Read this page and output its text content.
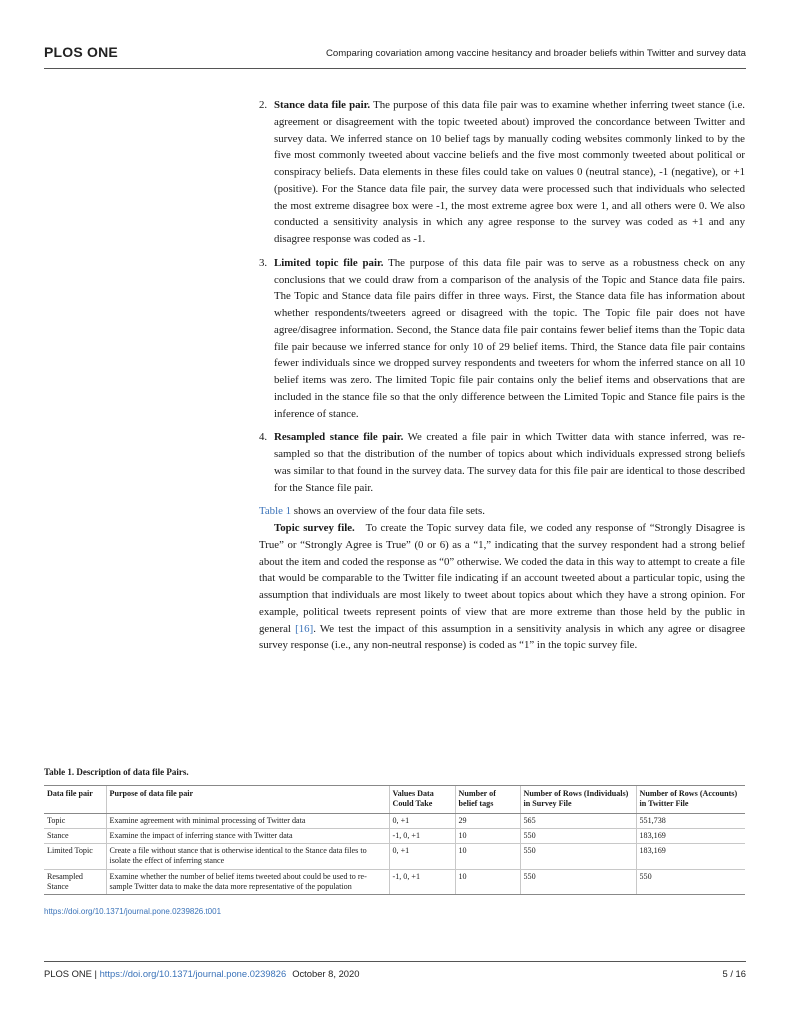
PLOS ONE	Comparing covariation among vaccine hesitancy and broader beliefs within Twitter and survey data
2. Stance data file pair. The purpose of this data file pair was to examine whether inferring tweet stance (i.e. agreement or disagreement with the topic tweeted about) improved the concordance between Twitter and survey data. We inferred stance on 10 belief tags by manually coding websites commonly linked to by the five most commonly tweeted about vaccine beliefs and the five most commonly tweeted about political or conspiracy beliefs. Data elements in these files could take on values 0 (neutral stance), -1 (negative), or +1 (positive). For the Stance data file pair, the survey data were processed such that individuals who selected the most extreme disagree box were -1, the most extreme agree box were 1, and all others were 0. We also conducted a sensitivity analysis in which any agree response to the survey was coded as +1 and any disagree response was coded as -1.
3. Limited topic file pair. The purpose of this data file pair was to serve as a robustness check on any conclusions that we could draw from a comparison of the analysis of the Topic and Stance data file pairs. The Topic and Stance data file pairs differ in three ways. First, the Stance data file has information about whether respondents/tweeters agreed or disagreed with the topic. The Topic file pair does not have agree/disagree information. Second, the Stance data file pair contains fewer belief items than the Topic data file pair because we inferred stance for only 10 of 29 belief items. Third, the Stance data file pair contains fewer individuals since we dropped survey respondents and tweeters for whom the inferred stance on all 10 belief items was zero. The limited Topic file pair contains only the belief items and observations that are included in the stance file so that the only difference between the Limited Topic and Stance file pairs is the inference of stance.
4. Resampled stance file pair. We created a file pair in which Twitter data with stance inferred, was re-sampled so that the distribution of the number of topics about which individuals expressed strong beliefs was similar to that found in the survey data. The survey data for this file pair are identical to those described for the Stance file pair.

Table 1 shows an overview of the four data file sets.

Topic survey file.   To create the Topic survey data file, we coded any response of “Strongly Disagree is True” or “Strongly Agree is True” (0 or 6) as a “1,” indicating that the survey respondent had a strong belief about the item and coded the response as “0” otherwise. We coded the data in this way to attempt to create a file that would be comparable to the Twitter file indicating if an account tweeted about a particular topic, using the assumption that individuals are most likely to tweet about topics about which they have a strong opinion. For example, political tweets represent points of view that are more extreme than those held by the public in general [16]. We test the impact of this assumption in a sensitivity analysis in which any agree or disagree survey response (i.e., any non-neutral response) is coded as “1” in the topic survey file.

Table 1. Description of data file Pairs.
Data file pair	Purpose of data file pair	Values Data Could Take	Number of belief tags	Number of Rows (Individuals) in Survey File	Number of Rows (Accounts) in Twitter File
Topic	Examine agreement with minimal processing of Twitter data	0, +1	29	565	551,738
Stance	Examine the impact of inferring stance with Twitter data	-1, 0, +1	10	550	183,169
Limited Topic	Create a file without stance that is otherwise identical to the Stance data files to isolate the effect of inferring stance	0, +1	10	550	183,169
Resampled Stance	Examine whether the number of belief items tweeted about could be used to re-sample Twitter data to make the data more representative of the population	-1, 0, +1	10	550	550
https://doi.org/10.1371/journal.pone.0239826.t001
PLOS ONE | https://doi.org/10.1371/journal.pone.0239826 October 8, 2020	5 / 16
